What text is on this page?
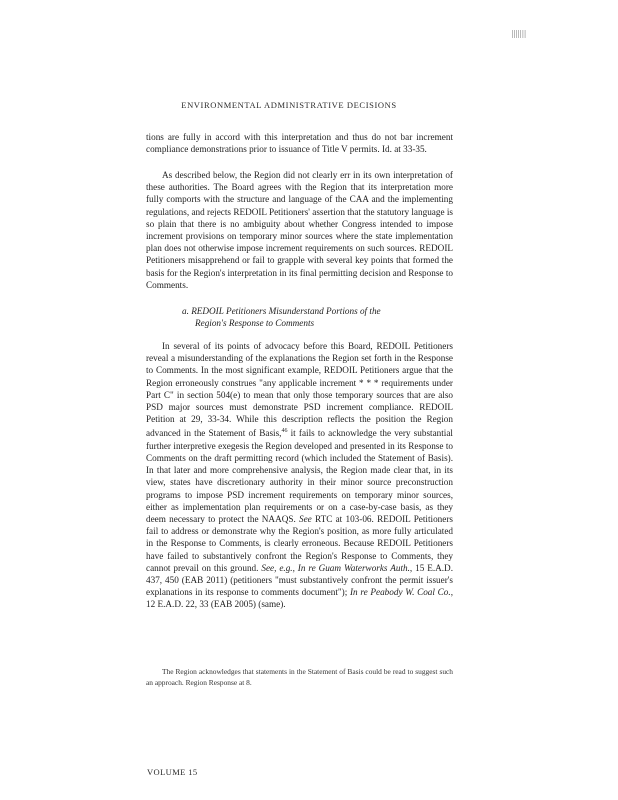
|||||||
ENVIRONMENTAL ADMINISTRATIVE DECISIONS
tions are fully in accord with this interpretation and thus do not bar increment compliance demonstrations prior to issuance of Title V permits. Id. at 33-35.
As described below, the Region did not clearly err in its own interpretation of these authorities. The Board agrees with the Region that its interpretation more fully comports with the structure and language of the CAA and the implementing regulations, and rejects REDOIL Petitioners' assertion that the statutory language is so plain that there is no ambiguity about whether Congress intended to impose increment provisions on temporary minor sources where the state implementation plan does not otherwise impose increment requirements on such sources. REDOIL Petitioners misapprehend or fail to grapple with several key points that formed the basis for the Region's interpretation in its final permitting decision and Response to Comments.
a. REDOIL Petitioners Misunderstand Portions of the
Region's Response to Comments
In several of its points of advocacy before this Board, REDOIL Petitioners reveal a misunderstanding of the explanations the Region set forth in the Response to Comments. In the most significant example, REDOIL Petitioners argue that the Region erroneously construes "any applicable increment * * * requirements under Part C" in section 504(e) to mean that only those temporary sources that are also PSD major sources must demonstrate PSD increment compliance. REDOIL Petition at 29, 33-34. While this description reflects the position the Region advanced in the Statement of Basis,$^{46}$ it fails to acknowledge the very substantial further interpretive exegesis the Region developed and presented in its Response to Comments on the draft permitting record (which included the Statement of Basis). In that later and more comprehensive analysis, the Region made clear that, in its view, states have discretionary authority in their minor source preconstruction programs to impose PSD increment requirements on temporary minor sources, either as implementation plan requirements or on a case-by-case basis, as they deem necessary to protect the NAAQS. See RTC at 103-06. REDOIL Petitioners fail to address or demonstrate why the Region's position, as more fully articulated in the Response to Comments, is clearly erroneous. Because REDOIL Petitioners have failed to substantively confront the Region's Response to Comments, they cannot prevail on this ground. See, e.g., In re Guam Waterworks Auth., 15 E.A.D. 437, 450 (EAB 2011) (petitioners "must substantively confront the permit issuer's explanations in its response to comments document"); In re Peabody W. Coal Co., 12 E.A.D. 22, 33 (EAB 2005) (same).
The Region acknowledges that statements in the Statement of Basis could be read to suggest such an approach. Region Response at 8.
VOLUME 15
